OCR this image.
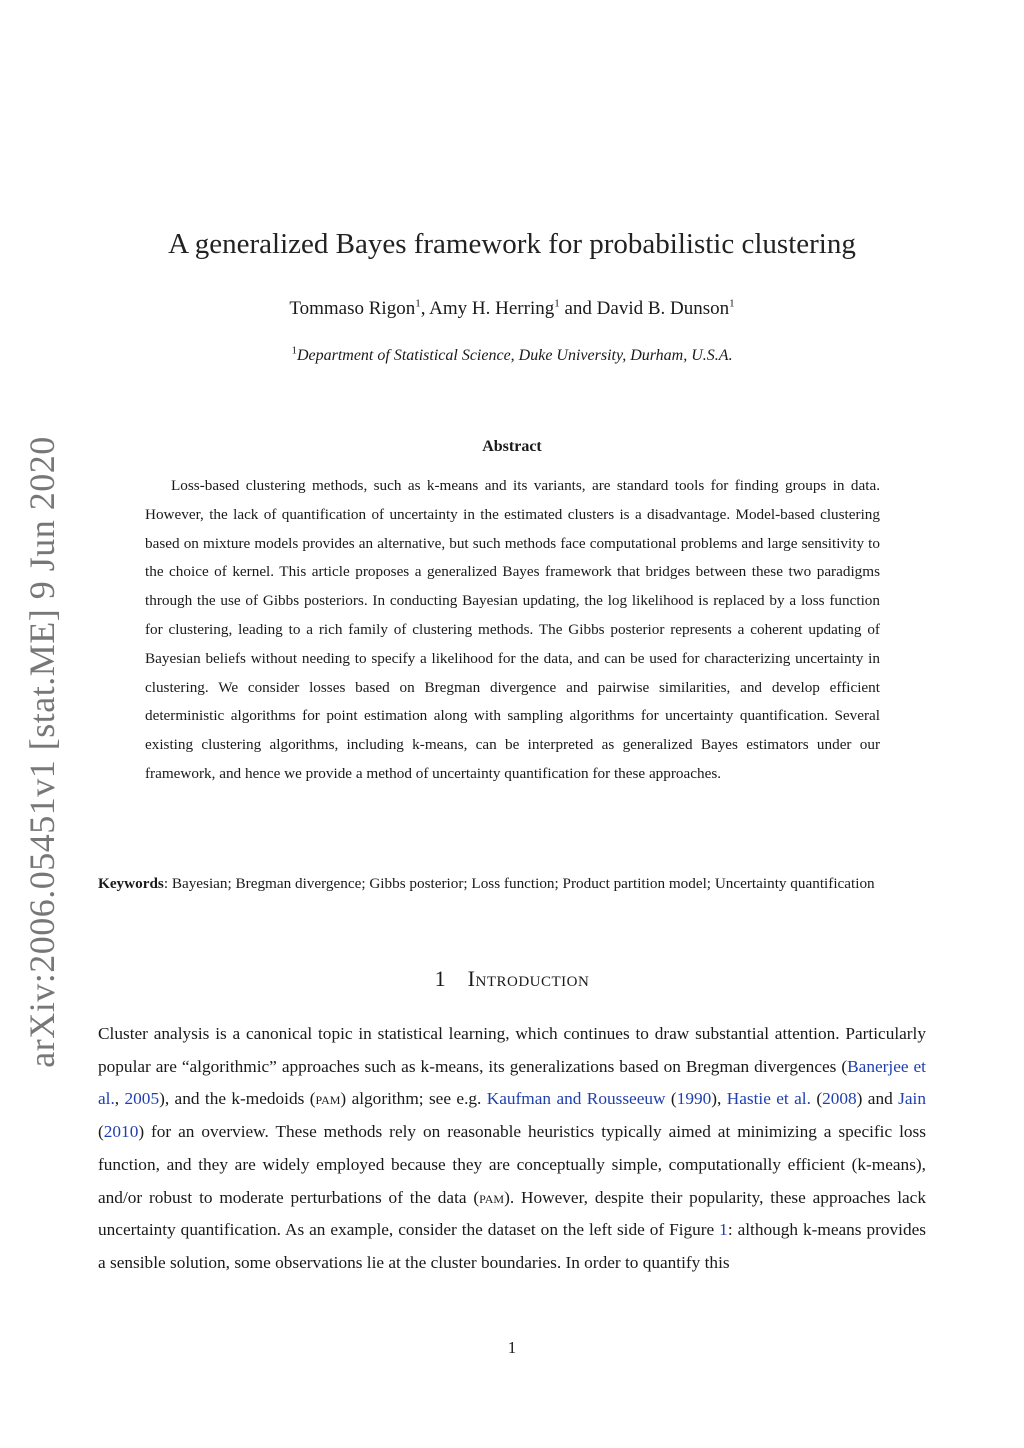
arXiv:2006.05451v1 [stat.ME] 9 Jun 2020
A generalized Bayes framework for probabilistic clustering
Tommaso Rigon$^1$, Amy H. Herring$^1$ and David B. Dunson$^1$
$^1$Department of Statistical Science, Duke University, Durham, U.S.A.
Abstract

Loss-based clustering methods, such as k-means and its variants, are standard tools for finding groups in data. However, the lack of quantification of uncertainty in the estimated clusters is a disadvantage. Model-based clustering based on mixture models provides an alternative, but such methods face computational problems and large sensitivity to the choice of kernel. This article proposes a generalized Bayes framework that bridges between these two paradigms through the use of Gibbs posteriors. In conducting Bayesian updating, the log likelihood is replaced by a loss function for clustering, leading to a rich family of clustering methods. The Gibbs posterior represents a coherent updating of Bayesian beliefs without needing to specify a likelihood for the data, and can be used for characterizing uncertainty in clustering. We consider losses based on Bregman divergence and pairwise similarities, and develop efficient deterministic algorithms for point estimation along with sampling algorithms for uncertainty quantification. Several existing clustering algorithms, including k-means, can be interpreted as generalized Bayes estimators under our framework, and hence we provide a method of uncertainty quantification for these approaches.

Keywords: Bayesian; Bregman divergence; Gibbs posterior; Loss function; Product partition model; Uncertainty quantification

1 Introduction

Cluster analysis is a canonical topic in statistical learning, which continues to draw substantial attention. Particularly popular are “algorithmic” approaches such as k-means, its generalizations based on Bregman divergences (Banerjee et al., 2005), and the k-medoids (pam) algorithm; see e.g. Kaufman and Rousseeuw (1990), Hastie et al. (2008) and Jain (2010) for an overview. These methods rely on reasonable heuristics typically aimed at minimizing a specific loss function, and they are widely employed because they are conceptually simple, computationally efficient (k-means), and/or robust to moderate perturbations of the data (pam). However, despite their popularity, these approaches lack uncertainty quantification. As an example, consider the dataset on the left side of Figure 1: although k-means provides a sensible solution, some observations lie at the cluster boundaries. In order to quantify this

1
